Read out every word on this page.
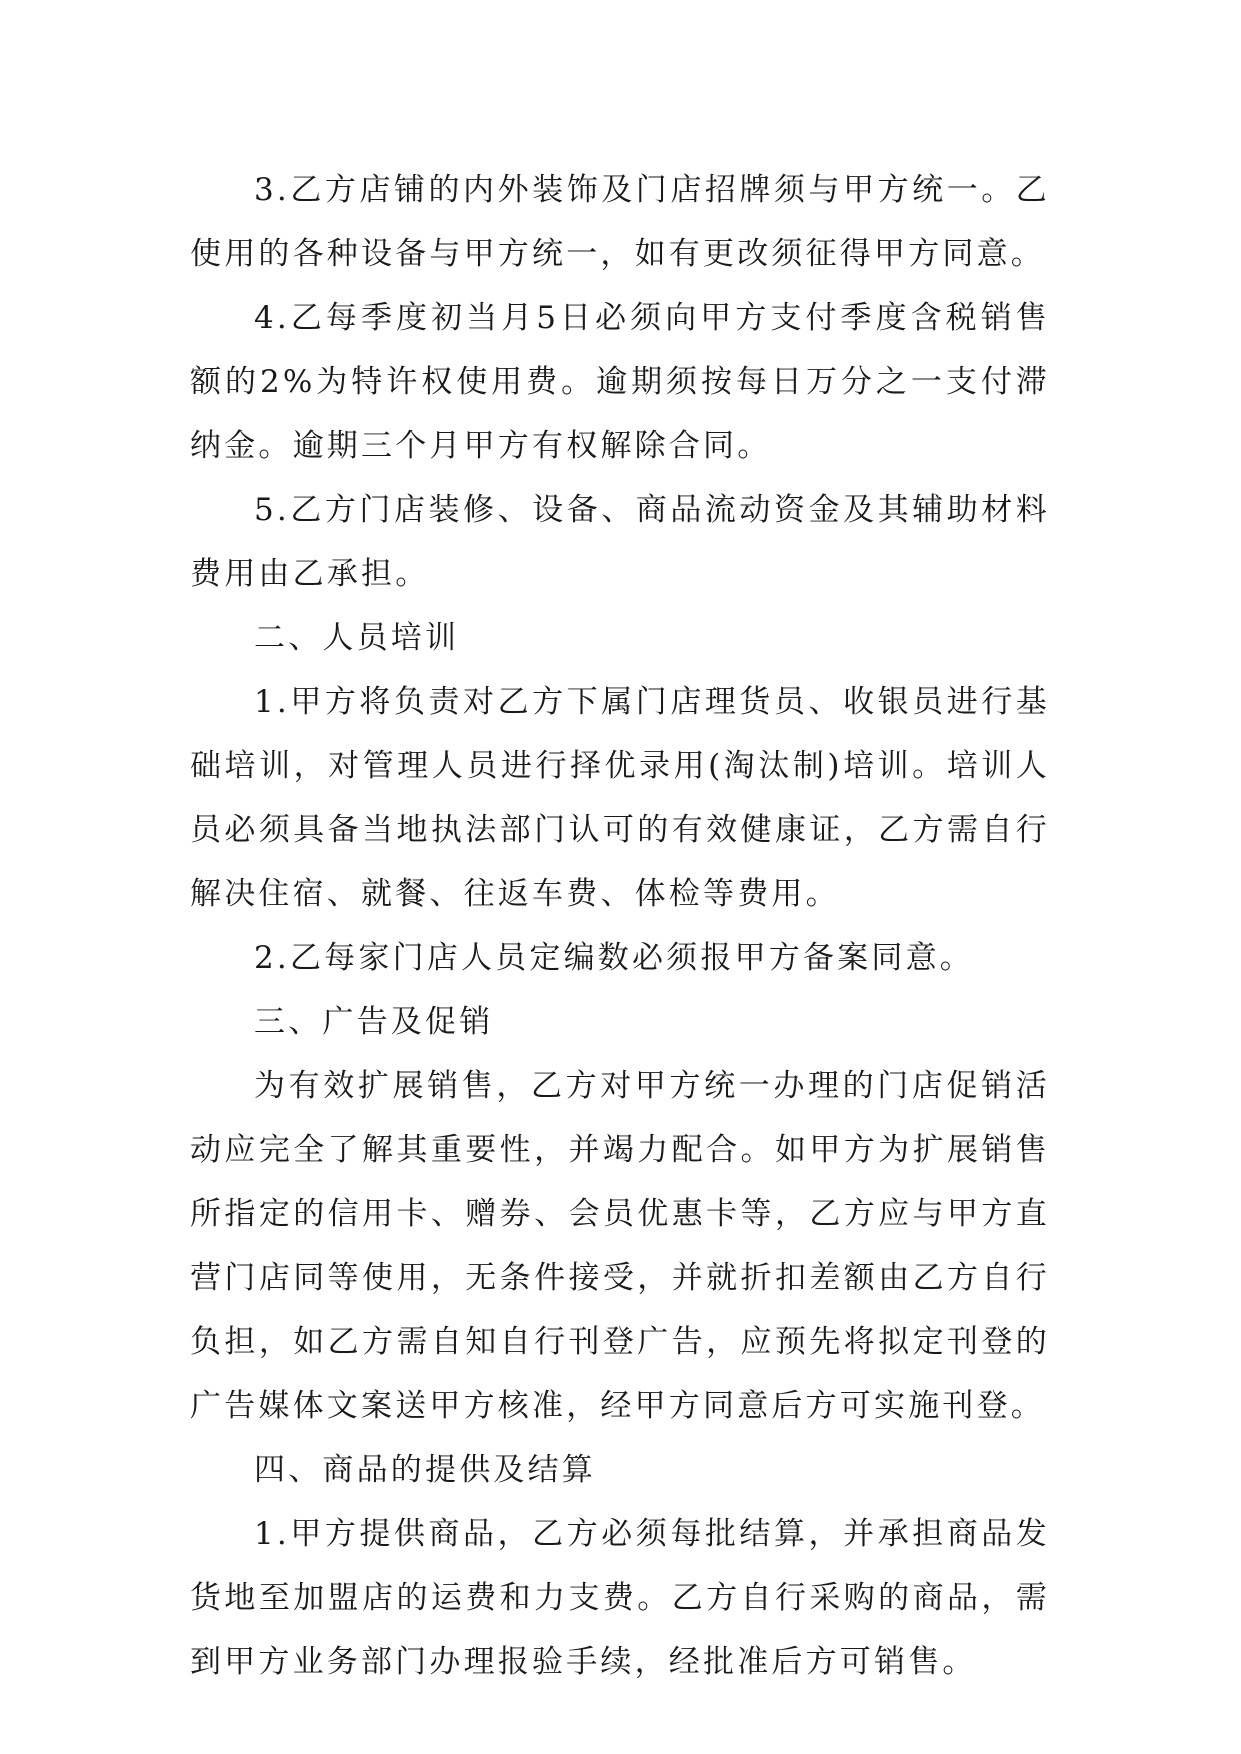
3.乙方店铺的内外装饰及门店招牌须与甲方统一。乙使用的各种设备与甲方统一，如有更改须征得甲方同意。

4.乙每季度初当月5日必须向甲方支付季度含税销售额的2%为特许权使用费。逾期须按每日万分之一支付滞纳金。逾期三个月甲方有权解除合同。

5.乙方门店装修、设备、商品流动资金及其辅助材料费用由乙承担。

二、人员培训

1.甲方将负责对乙方下属门店理货员、收银员进行基础培训，对管理人员进行择优录用(淘汰制)培训。培训人员必须具备当地执法部门认可的有效健康证，乙方需自行解决住宿、就餐、往返车费、体检等费用。

2.乙每家门店人员定编数必须报甲方备案同意。

三、广告及促销

为有效扩展销售，乙方对甲方统一办理的门店促销活动应完全了解其重要性，并竭力配合。如甲方为扩展销售所指定的信用卡、赠券、会员优惠卡等，乙方应与甲方直营门店同等使用，无条件接受，并就折扣差额由乙方自行负担，如乙方需自知自行刊登广告，应预先将拟定刊登的广告媒体文案送甲方核准，经甲方同意后方可实施刊登。

四、商品的提供及结算

1.甲方提供商品，乙方必须每批结算，并承担商品发货地至加盟店的运费和力支费。乙方自行采购的商品，需到甲方业务部门办理报验手续，经批准后方可销售。
